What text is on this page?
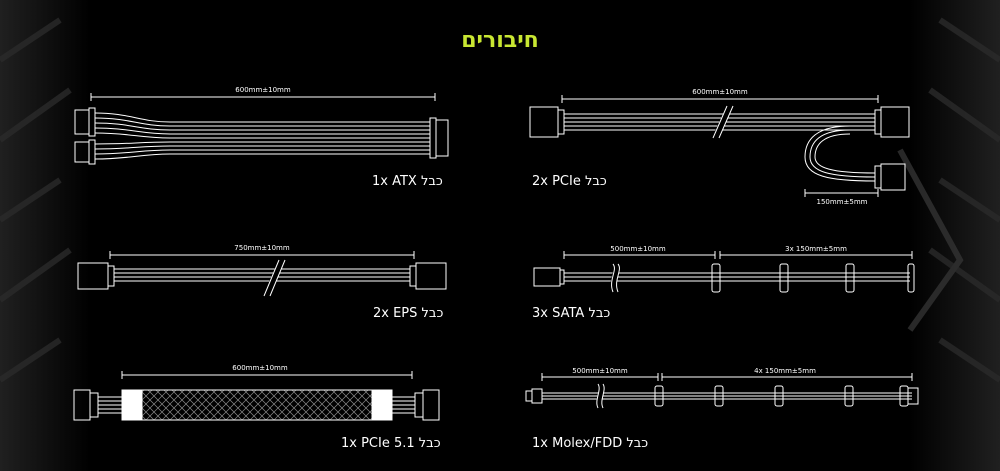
חיבורים
600mm±10mm
1x ATX כבל
600mm±10mm
150mm±5mm
2x PCIe כבל
750mm±10mm
2x EPS כבל
500mm±10mm	3x 150mm±5mm
3x SATA כבל
600mm±10mm
1x PCIe 5.1 כבל
500mm±10mm	4x 150mm±5mm
1x Molex/FDD כבל
